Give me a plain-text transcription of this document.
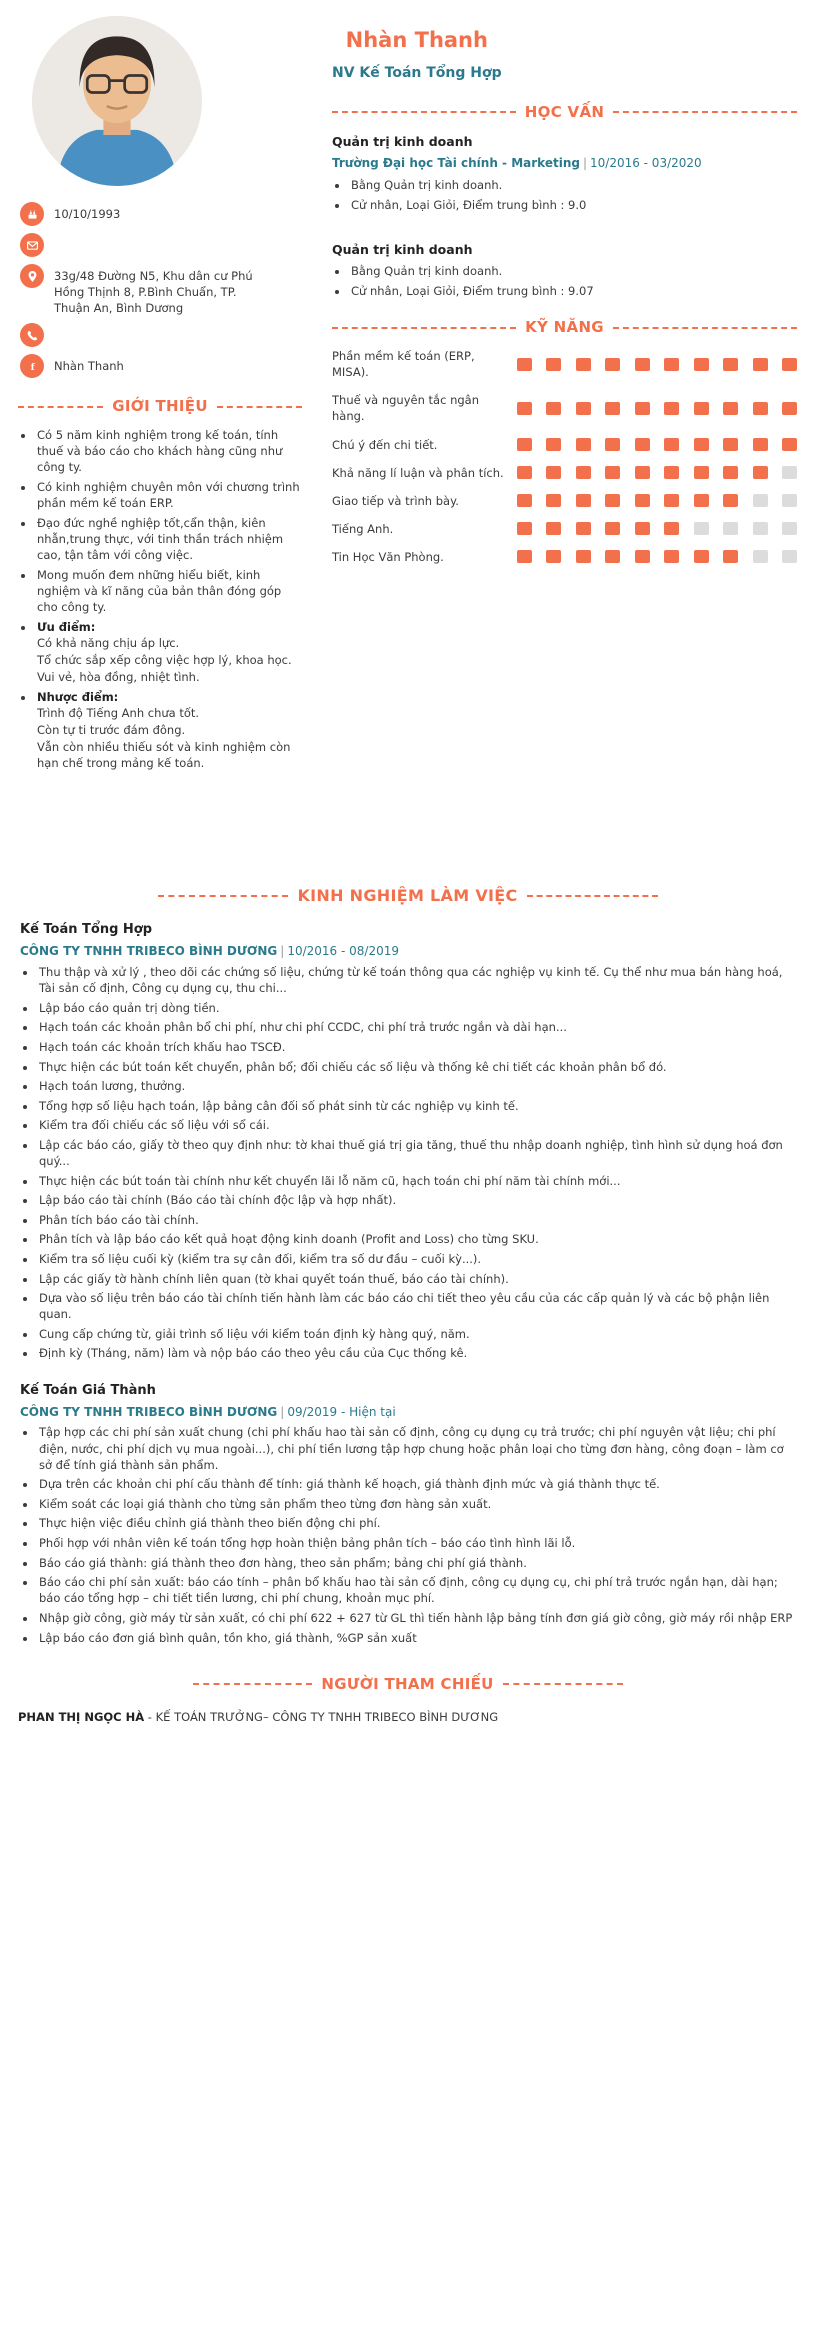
10/10/1993
33g/48 Đường N5, Khu dân cư Phú Hồng Thịnh 8, P.Bình Chuẩn, TP. Thuận An, Bình Dương
f Nhàn Thanh
GIỚI THIỆU
• Có 5 năm kinh nghiệm trong kế toán, tính thuế và báo cáo cho khách hàng cũng như công ty.
• Có kinh nghiệm chuyên môn với chương trình phần mềm kế toán ERP.
• Đạo đức nghề nghiệp tốt,cẩn thận, kiên nhẫn,trung thực, với tinh thần trách nhiệm cao, tận tâm với công việc.
• Mong muốn đem những hiểu biết, kinh nghiệm và kĩ năng của bản thân đóng góp cho công ty.
• Ưu điểm:
Có khả năng chịu áp lực.
Tổ chức sắp xếp công việc hợp lý, khoa học.
Vui vẻ, hòa đồng, nhiệt tình.
• Nhược điểm:
Trình độ Tiếng Anh chưa tốt.
Còn tự ti trước đám đông.
Vẫn còn nhiều thiếu sót và kinh nghiệm còn hạn chế trong mảng kế toán.
Nhàn Thanh
NV Kế Toán Tổng Hợp
HỌC VẤN
Quản trị kinh doanh
Trường Đại học Tài chính - Marketing | 10/2016 - 03/2020
• Bằng Quản trị kinh doanh.
• Cử nhân, Loại Giỏi, Điểm trung bình : 9.0
Quản trị kinh doanh
• Bằng Quản trị kinh doanh.
• Cử nhân, Loại Giỏi, Điểm trung bình : 9.07
KỸ NĂNG
Phần mềm kế toán (ERP, MISA).
Thuế và nguyên tắc ngân hàng.
Chú ý đến chi tiết.
Khả năng lí luận và phân tích.
Giao tiếp và trình bày.
Tiếng Anh.
Tin Học Văn Phòng.
KINH NGHIỆM LÀM VIỆC
Kế Toán Tổng Hợp
CÔNG TY TNHH TRIBECO BÌNH DƯƠNG | 10/2016 - 08/2019
• Thu thập và xử lý , theo dõi các chứng số liệu, chứng từ kế toán thông qua các nghiệp vụ kinh tế. Cụ thể như mua bán hàng hoá, Tài sản cố định, Công cụ dụng cụ, thu chi...
• Lập báo cáo quản trị dòng tiền.
• Hạch toán các khoản phân bổ chi phí, như chi phí CCDC, chi phí trả trước ngắn và dài hạn...
• Hạch toán các khoản trích khấu hao TSCĐ.
• Thực hiện các bút toán kết chuyển, phân bổ; đối chiếu các số liệu và thống kê chi tiết các khoản phân bổ đó.
• Hạch toán lương, thưởng.
• Tổng hợp số liệu hạch toán, lập bảng cân đối số phát sinh từ các nghiệp vụ kinh tế.
• Kiểm tra đối chiếu các số liệu với sổ cái.
• Lập các báo cáo, giấy tờ theo quy định như: tờ khai thuế giá trị gia tăng, thuế thu nhập doanh nghiệp, tình hình sử dụng hoá đơn quý...
• Thực hiện các bút toán tài chính như kết chuyển lãi lỗ năm cũ, hạch toán chi phí năm tài chính mới...
• Lập báo cáo tài chính (Báo cáo tài chính độc lập và hợp nhất).
• Phân tích báo cáo tài chính.
• Phân tích và lập báo cáo kết quả hoạt động kinh doanh (Profit and Loss) cho từng SKU.
• Kiểm tra số liệu cuối kỳ (kiểm tra sự cân đối, kiểm tra số dư đầu – cuối kỳ...).
• Lập các giấy tờ hành chính liên quan (tờ khai quyết toán thuế, báo cáo tài chính).
• Dựa vào số liệu trên báo cáo tài chính tiến hành làm các báo cáo chi tiết theo yêu cầu của các cấp quản lý và các bộ phận liên quan.
• Cung cấp chứng từ, giải trình số liệu với kiểm toán định kỳ hàng quý, năm.
• Định kỳ (Tháng, năm) làm và nộp báo cáo theo yêu cầu của Cục thống kê.
Kế Toán Giá Thành
CÔNG TY TNHH TRIBECO BÌNH DƯƠNG | 09/2019 - Hiện tại
• Tập hợp các chi phí sản xuất chung (chi phí khấu hao tài sản cố định, công cụ dụng cụ trả trước; chi phí nguyên vật liệu; chi phí điện, nước, chi phí dịch vụ mua ngoài...), chi phí tiền lương tập hợp chung hoặc phân loại cho từng đơn hàng, công đoạn – làm cơ sở để tính giá thành sản phẩm.
• Dựa trên các khoản chi phí cấu thành để tính: giá thành kế hoạch, giá thành định mức và giá thành thực tế.
• Kiểm soát các loại giá thành cho từng sản phẩm theo từng đơn hàng sản xuất.
• Thực hiện việc điều chỉnh giá thành theo biến động chi phí.
• Phối hợp với nhân viên kế toán tổng hợp hoàn thiện bảng phân tích – báo cáo tình hình lãi lỗ.
• Báo cáo giá thành: giá thành theo đơn hàng, theo sản phẩm; bảng chi phí giá thành.
• Báo cáo chi phí sản xuất: báo cáo tính – phân bổ khấu hao tài sản cố định, công cụ dụng cụ, chi phí trả trước ngắn hạn, dài hạn; báo cáo tổng hợp – chi tiết tiền lương, chi phí chung, khoản mục phí.
• Nhập giờ công, giờ máy từ sản xuất, có chi phí 622 + 627 từ GL thì tiến hành lập bảng tính đơn giá giờ công, giờ máy rồi nhập ERP
• Lập báo cáo đơn giá bình quân, tồn kho, giá thành, %GP sản xuất
NGƯỜI THAM CHIẾU
PHAN THỊ NGỌC HÀ - KẾ TOÁN TRƯỞNG– CÔNG TY TNHH TRIBECO BÌNH DƯƠNG
